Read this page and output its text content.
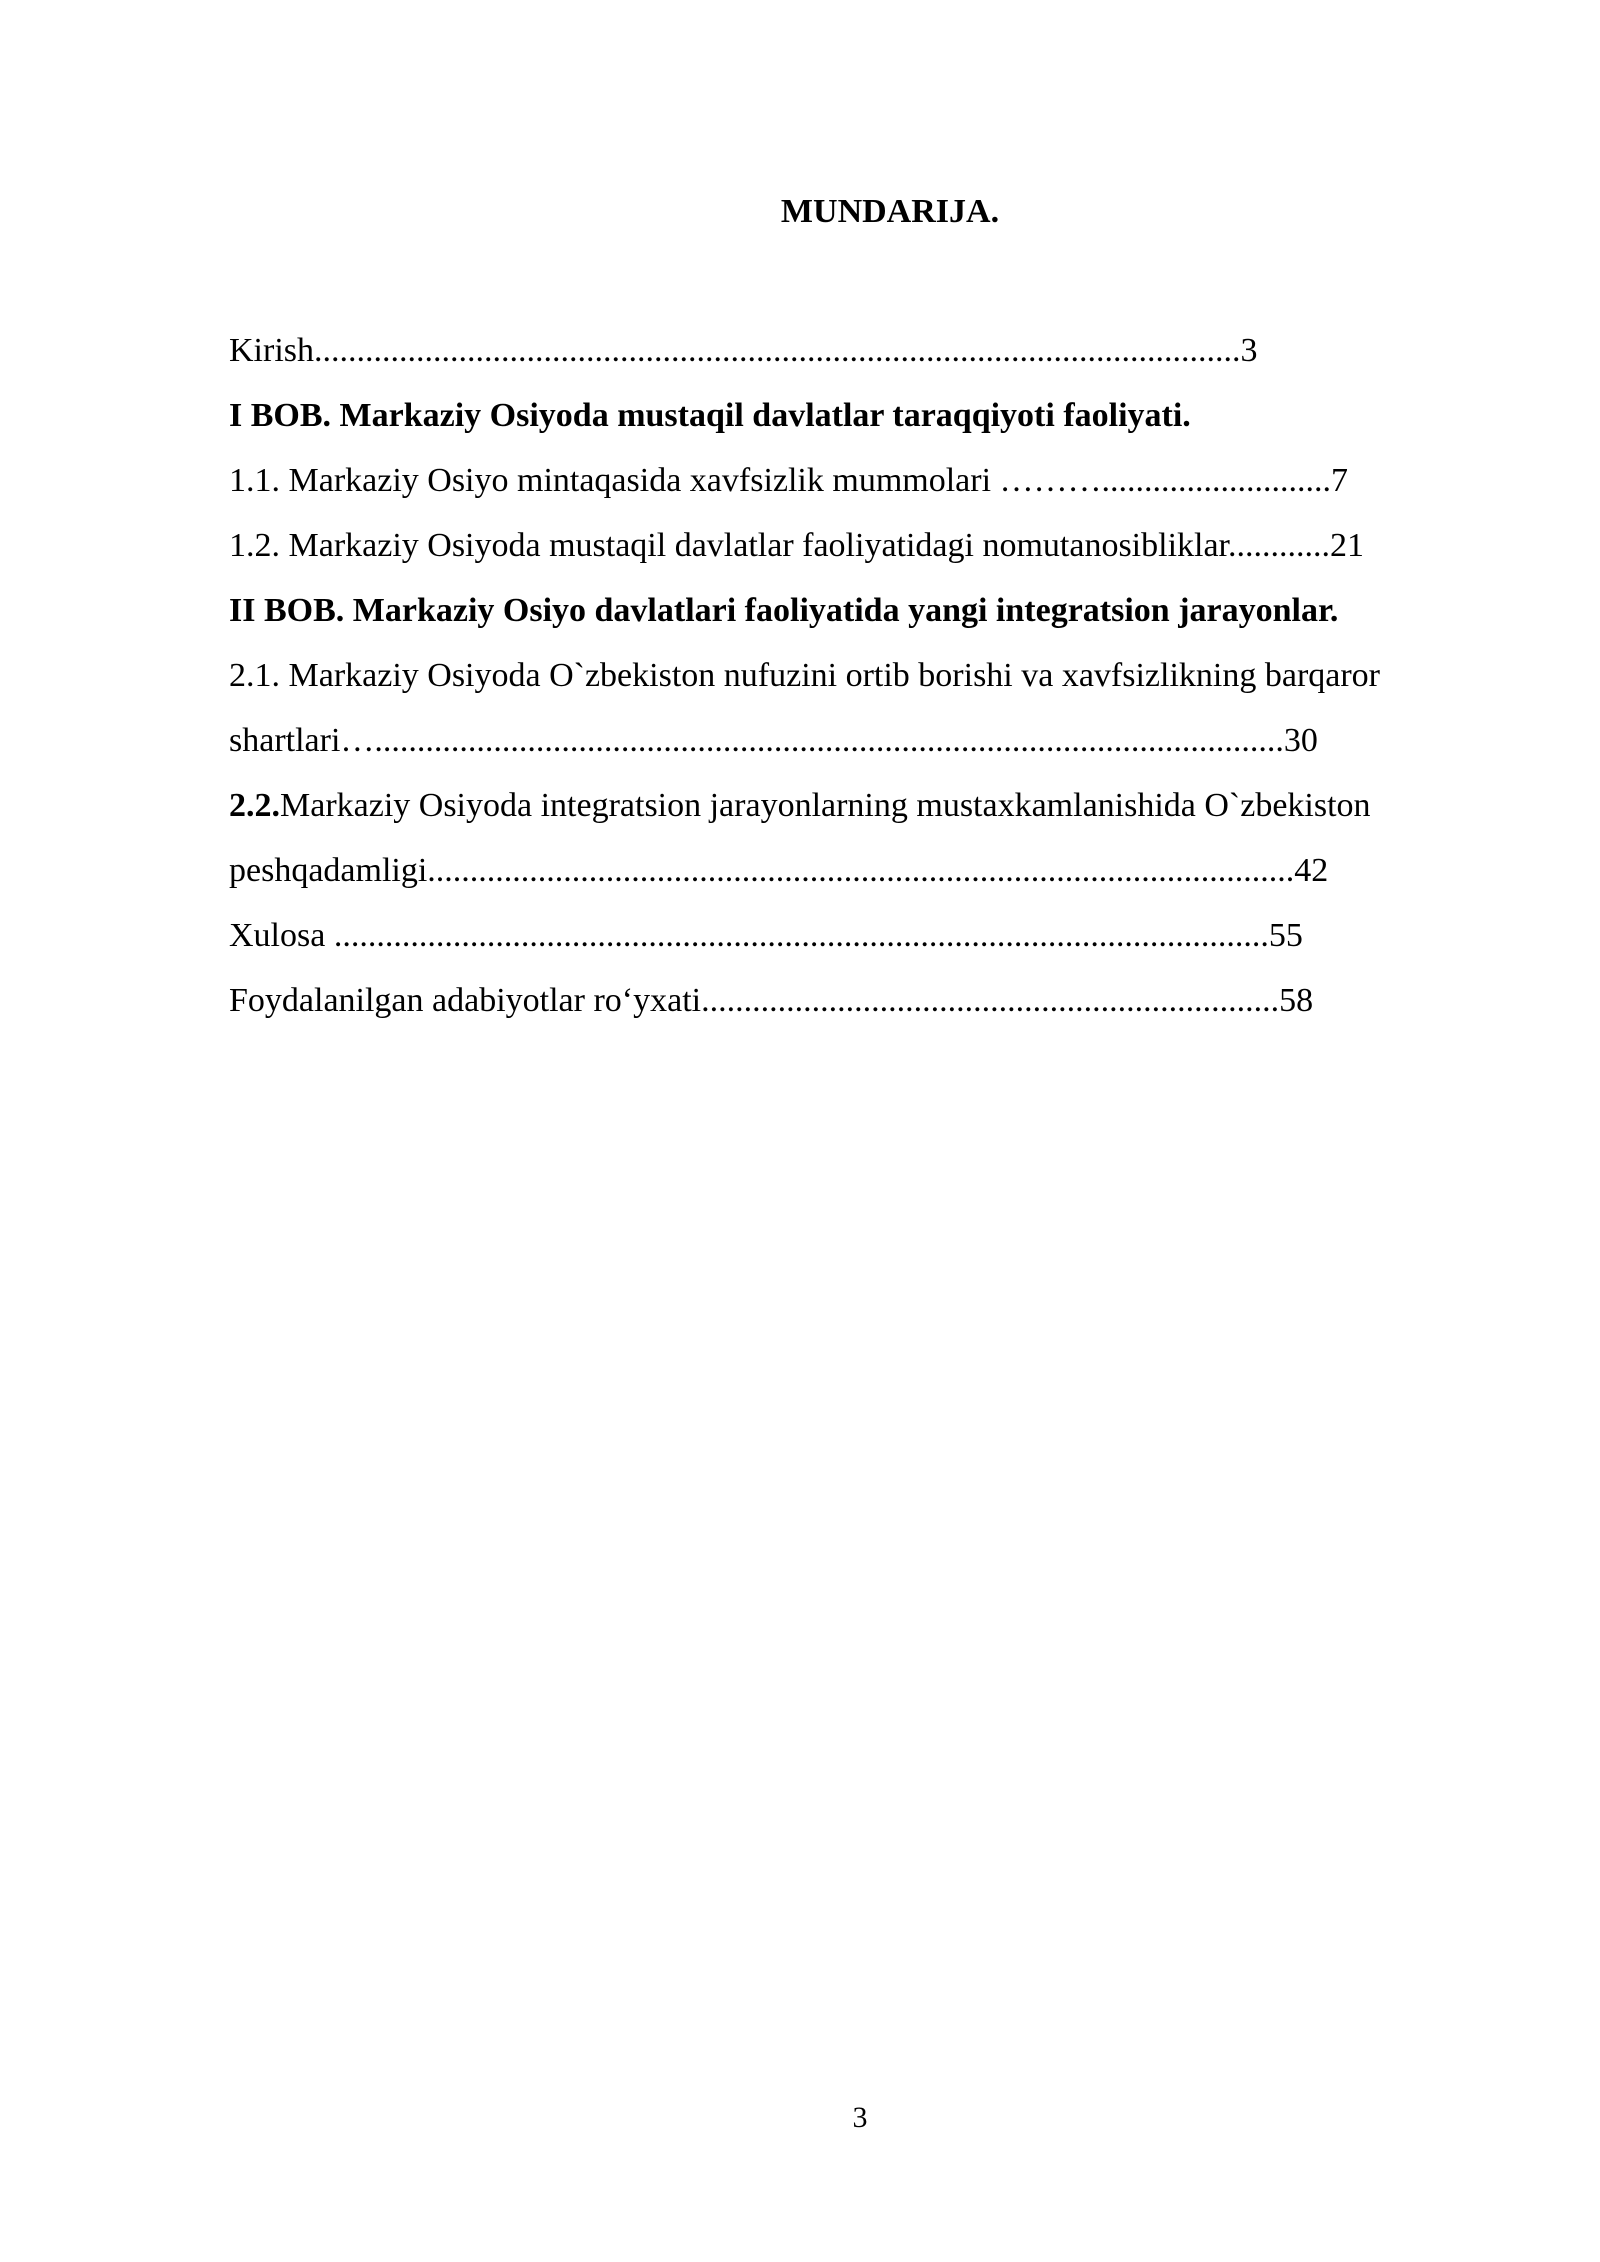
MUNDARIJA.
Kirish.............................................................................................................3
I BOB. Markaziy Osiyoda mustaqil davlatlar taraqqiyoti faoliyati.
1.1. Markaziy Osiyo mintaqasida xavfsizlik mummolari ………...........................7
1.2. Markaziy Osiyoda mustaqil davlatlar faoliyatidagi nomutanosibliklar............21
II BOB. Markaziy Osiyo davlatlari faoliyatida yangi integratsion jarayonlar.
2.1. Markaziy Osiyoda O`zbekiston nufuzini ortib borishi va xavfsizlikning barqaror
shartlari…...........................................................................................................30
2.2.Markaziy Osiyoda integratsion jarayonlarning mustaxkamlanishida O`zbekiston
peshqadamligi......................................................................................................42
Xulosa ..............................................................................................................55
Foydalanilgan adabiyotlar ro‘yxati....................................................................58
3
